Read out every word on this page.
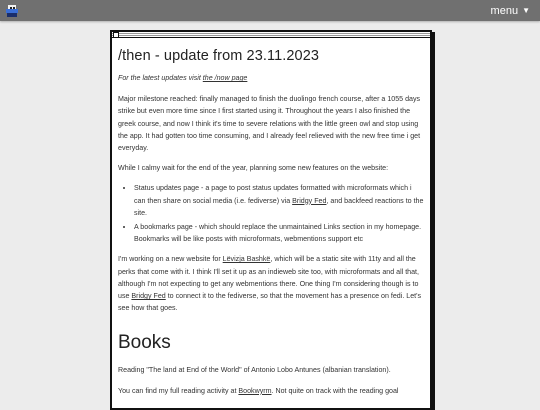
menu ▼
/then - update from 23.11.2023

For the latest updates visit the /now page

Major milestone reached: finally managed to finish the duolingo french course, after a 1055 days strike but even more time since I first started using it. Throughout the years I also finished the greek course, and now I think it's time to severe relations with the little green owl and stop using the app. It had gotten too time consuming, and I already feel relieved with the new free time i get everyday.

While I calmy wait for the end of the year, planning some new features on the website:

• Status updates page - a page to post status updates formatted with microformats which i can then share on social media (i.e. fediverse) via Bridgy Fed, and backfeed reactions to the site.
• A bookmarks page - which should replace the unmaintained Links section in my homepage. Bookmarks will be like posts with microformats, webmentions support etc

I'm working on a new website for Lëvizja Bashkë, which will be a static site with 11ty and all the perks that come with it. I think I'll set it up as an indieweb site too, with microformats and all that, although I'm not expecting to get any webmentions there. One thing I'm considering though is to use Bridgy Fed to connect it to the fediverse, so that the movement has a presence on fedi. Let's see how that goes.

Books

Reading "The land at End of the World" of Antonio Lobo Antunes (albanian translation).

You can find my full reading activity at Bookwyrm. Not quite on track with the reading goal
